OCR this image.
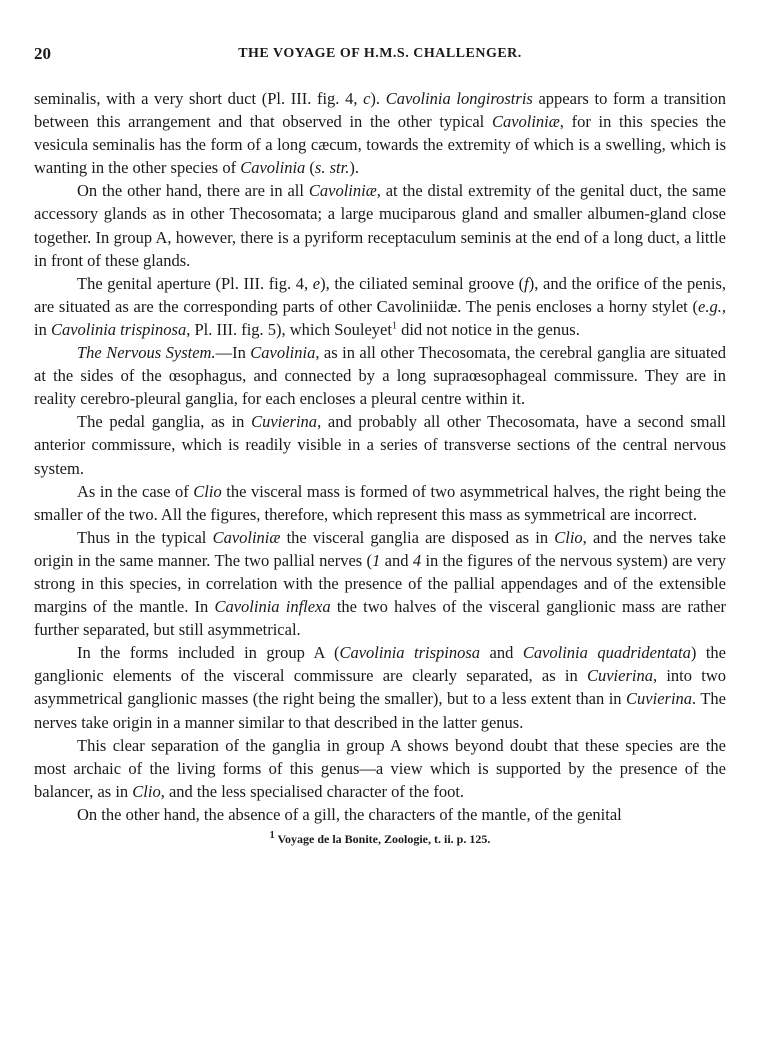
20	THE VOYAGE OF H.M.S. CHALLENGER.

seminalis, with a very short duct (Pl. III. fig. 4, c). Cavolinia longirostris appears to form a transition between this arrangement and that observed in the other typical Cavoliniæ, for in this species the vesicula seminalis has the form of a long cæcum, towards the extremity of which is a swelling, which is wanting in the other species of Cavolinia (s. str.).

On the other hand, there are in all Cavoliniæ, at the distal extremity of the genital duct, the same accessory glands as in other Thecosomata; a large muciparous gland and smaller albumen-gland close together. In group A, however, there is a pyriform receptaculum seminis at the end of a long duct, a little in front of these glands.

The genital aperture (Pl. III. fig. 4, e), the ciliated seminal groove (f), and the orifice of the penis, are situated as are the corresponding parts of other Cavoliniidæ. The penis encloses a horny stylet (e.g., in Cavolinia trispinosa, Pl. III. fig. 5), which Souleyet$^1$ did not notice in the genus.

The Nervous System.—In Cavolinia, as in all other Thecosomata, the cerebral ganglia are situated at the sides of the œsophagus, and connected by a long supraœsophageal commissure. They are in reality cerebro-pleural ganglia, for each encloses a pleural centre within it.

The pedal ganglia, as in Cuvierina, and probably all other Thecosomata, have a second small anterior commissure, which is readily visible in a series of transverse sections of the central nervous system.

As in the case of Clio the visceral mass is formed of two asymmetrical halves, the right being the smaller of the two. All the figures, therefore, which represent this mass as symmetrical are incorrect.

Thus in the typical Cavoliniæ the visceral ganglia are disposed as in Clio, and the nerves take origin in the same manner. The two pallial nerves (1 and 4 in the figures of the nervous system) are very strong in this species, in correlation with the presence of the pallial appendages and of the extensible margins of the mantle. In Cavolinia inflexa the two halves of the visceral ganglionic mass are rather further separated, but still asymmetrical.

In the forms included in group A (Cavolinia trispinosa and Cavolinia quadridentata) the ganglionic elements of the visceral commissure are clearly separated, as in Cuvierina, into two asymmetrical ganglionic masses (the right being the smaller), but to a less extent than in Cuvierina. The nerves take origin in a manner similar to that described in the latter genus.

This clear separation of the ganglia in group A shows beyond doubt that these species are the most archaic of the living forms of this genus—a view which is supported by the presence of the balancer, as in Clio, and the less specialised character of the foot.

On the other hand, the absence of a gill, the characters of the mantle, of the genital

$^1$ Voyage de la Bonite, Zoologie, t. ii. p. 125.
